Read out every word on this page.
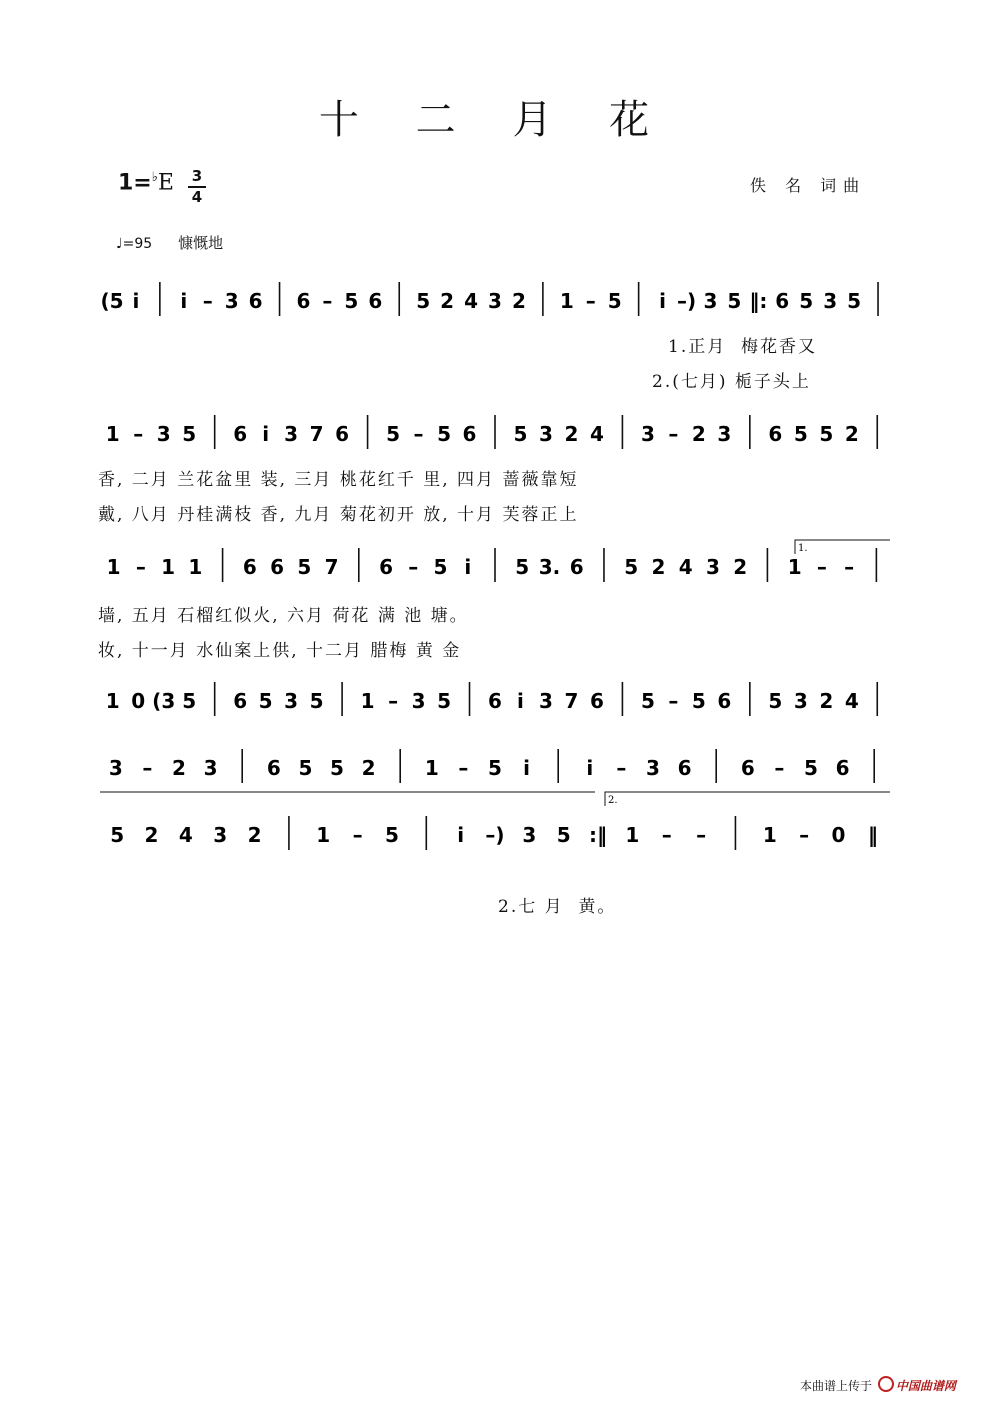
十 二 月 花
1=♭E 3
4
佚 名 词曲
♩=95 慷慨地
(5 i i – 3 6 6 – 5 6 5 2 4 3 2 1 – 5 i –) 3 5 ‖: 6 5 3 5
1 – 3 5 6 i 3 7 6 5 – 5 6 5 3 2 4 3 – 2 3 6 5 5 2
1 – 1 1 6 6 5 7 6 – 5 i 5 3. 6 5 2 4 3 2 1 – –
1 0 (3 5 6 5 3 5 1 – 3 5 6 i 3 7 6 5 – 5 6 5 3 2 4
3 – 2 3 6 5 5 2 1 – 5 i	i – 3 6 6 – 5 6
5 2 4 3 2	1 – 5	i –) 3 5 :‖ 1 – –	1 – 0 ‖
1.
2.
1.正月  梅花香又
2.(七月) 栀子头上
香, 二月 兰花盆里 装, 三月 桃花红千 里, 四月 蔷薇靠短
戴, 八月 丹桂满枝 香, 九月 菊花初开 放, 十月 芙蓉正上
墙, 五月 石榴红似火, 六月 荷花 满 池 塘。
妆, 十一月 水仙案上供, 十二月 腊梅 黄 金
2.七 月  黄。
本曲谱上传于 中国曲谱网
